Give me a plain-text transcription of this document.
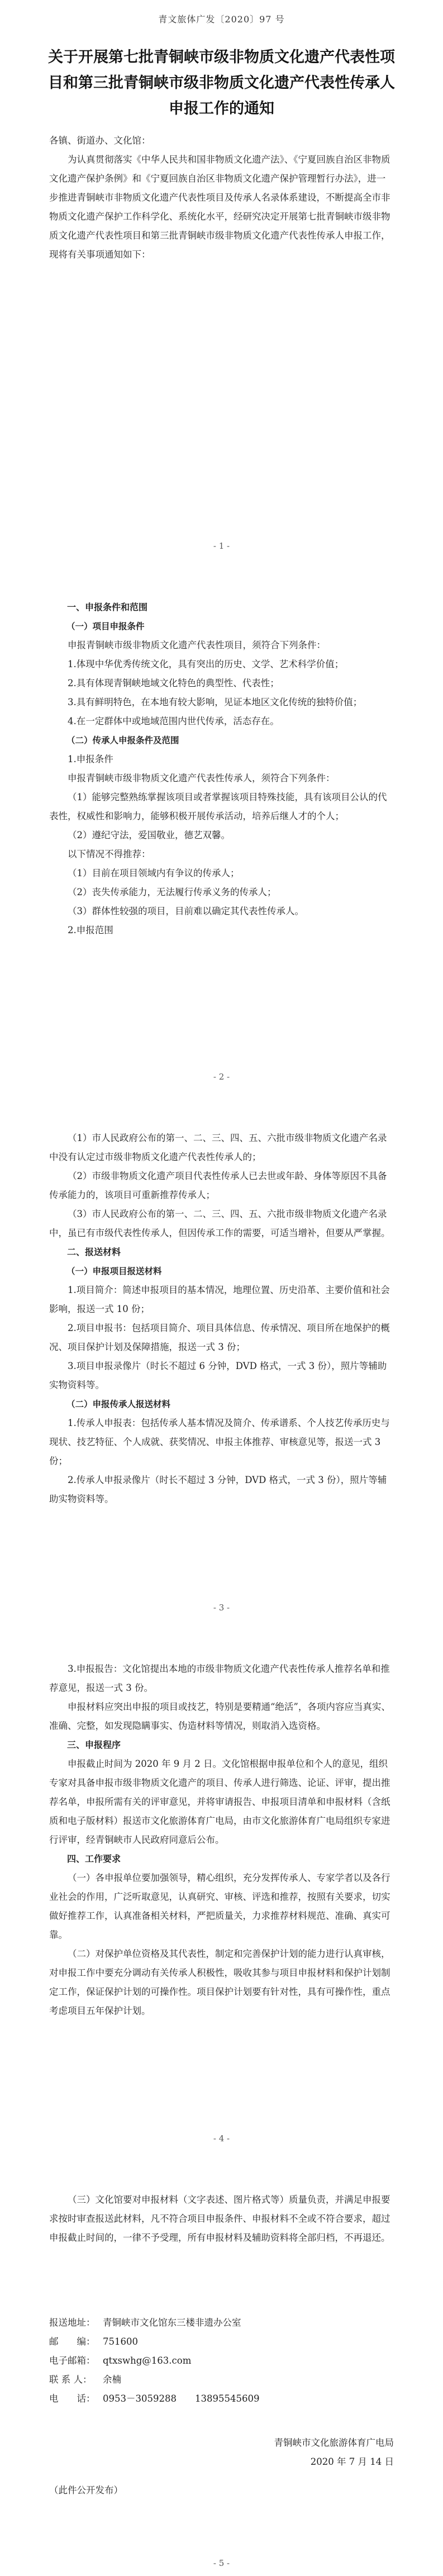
青文旅体广发〔2020〕97 号
关于开展第七批青铜峡市级非物质文化遗产代表性项目和第三批青铜峡市级非物质文化遗产代表性传承人申报工作的通知

各镇、街道办、文化馆：

为认真贯彻落实《中华人民共和国非物质文化遗产法》、《宁夏回族自治区非物质文化遗产保护条例》和《宁夏回族自治区非物质文化遗产保护管理暂行办法》，进一步推进青铜峡市非物质文化遗产代表性项目及传承人名录体系建设，不断提高全市非物质文化遗产保护工作科学化、系统化水平，经研究决定开展第七批青铜峡市级非物质文化遗产代表性项目和第三批青铜峡市级非物质文化遗产代表性传承人申报工作，现将有关事项通知如下：

- 1 -

一、申报条件和范围

（一）项目申报条件

申报青铜峡市级非物质文化遗产代表性项目，须符合下列条件：

1.体现中华优秀传统文化，具有突出的历史、文学、艺术科学价值；

2.具有体现青铜峡地域文化特色的典型性、代表性；

3.具有鲜明特色，在本地有较大影响，见证本地区文化传统的独特价值；

4.在一定群体中或地域范围内世代传承，活态存在。

（二）传承人申报条件及范围

1.申报条件

申报青铜峡市级非物质文化遗产代表性传承人，须符合下列条件：

（1）能够完整熟练掌握该项目或者掌握该项目特殊技能，具有该项目公认的代表性，权威性和影响力，能够积极开展传承活动，培养后继人才的个人；

（2）遵纪守法，爱国敬业，德艺双馨。

以下情况不得推荐：

（1）目前在项目领域内有争议的传承人；

（2）丧失传承能力，无法履行传承义务的传承人；

（3）群体性较强的项目，目前难以确定其代表性传承人。

2.申报范围

- 2 -

（1）市人民政府公布的第一、二、三、四、五、六批市级非物质文化遗产名录中没有认定过市级非物质文化遗产代表性传承人的；

（2）市级非物质文化遗产项目代表性传承人已去世或年龄、身体等原因不具备传承能力的，该项目可重新推荐传承人；

（3）市人民政府公布的第一、二、三、四、五、六批市级非物质文化遗产名录中，虽已有市级代表性传承人，但因传承工作的需要，可适当增补，但要从严掌握。

二、报送材料

（一）申报项目报送材料

1.项目简介：简述申报项目的基本情况，地理位置、历史沿革、主要价值和社会影响，报送一式 10 份；

2.项目申报书：包括项目简介、项目具体信息、传承情况、项目所在地保护的概况、项目保护计划及保障措施，报送一式 3 份；

3.项目申报录像片（时长不超过 6 分钟，DVD 格式，一式 3 份），照片等辅助实物资料等。

（二）申报传承人报送材料

1.传承人申报表：包括传承人基本情况及简介、传承谱系、个人技艺传承历史与现状、技艺特征、个人成就、获奖情况、申报主体推荐、审核意见等，报送一式 3 份；

2.传承人申报录像片（时长不超过 3 分钟，DVD 格式，一式 3 份），照片等辅助实物资料等。

- 3 -

3.申报报告：文化馆提出本地的市级非物质文化遗产代表性传承人推荐名单和推荐意见，报送一式 3 份。

申报材料应突出申报的项目或技艺，特别是要精通“绝活”，各项内容应当真实、准确、完整，如发现隐瞒事实、伪造材料等情况，则取消入选资格。

三、申报程序

申报截止时间为 2020 年 9 月 2 日。文化馆根据申报单位和个人的意见，组织专家对具备申报市级非物质文化遗产的项目、传承人进行筛选、论证、评审，提出推荐名单，申报所需有关的评审意见，并将审请报告、申报项目清单和申报材料（含纸质和电子版材料）报送市文化旅游体育广电局，由市文化旅游体育广电局组织专家进行评审，经青铜峡市人民政府同意后公布。

四、工作要求

（一）各申报单位要加强领导，精心组织，充分发挥传承人、专家学者以及各行业社会的作用，广泛听取意见，认真研究、审核、评选和推荐，按照有关要求，切实做好推荐工作，认真准备相关材料，严把质量关，力求推荐材料规范、准确、真实可靠。

（二）对保护单位资格及其代表性，制定和完善保护计划的能力进行认真审核，对申报工作中要充分调动有关传承人积极性，吸收其参与项目申报材料和保护计划制定工作，保证保护计划的可操作性。项目保护计划要有针对性，具有可操作性，重点考虑项目五年保护计划。

- 4 -

（三）文化馆要对申报材料（文字表述、图片格式等）质量负责，并满足申报要求按时审查报送此材料，凡不符合项目申报条件、申报材料不全或不符合要求，超过申报截止时间的，一律不予受理，所有申报材料及辅助资料将全部归档，不再退还。

报送地址： 青铜峡市文化馆东三楼非遗办公室
邮　　编： 751600
电子邮箱： qtxswhg@163.com
联 系 人：	余楠
电　　话： 0953－3059288　　13895545609
青铜峡市文化旅游体育广电局
2020 年 7 月 14 日
（此件公开发布）
- 5 -
